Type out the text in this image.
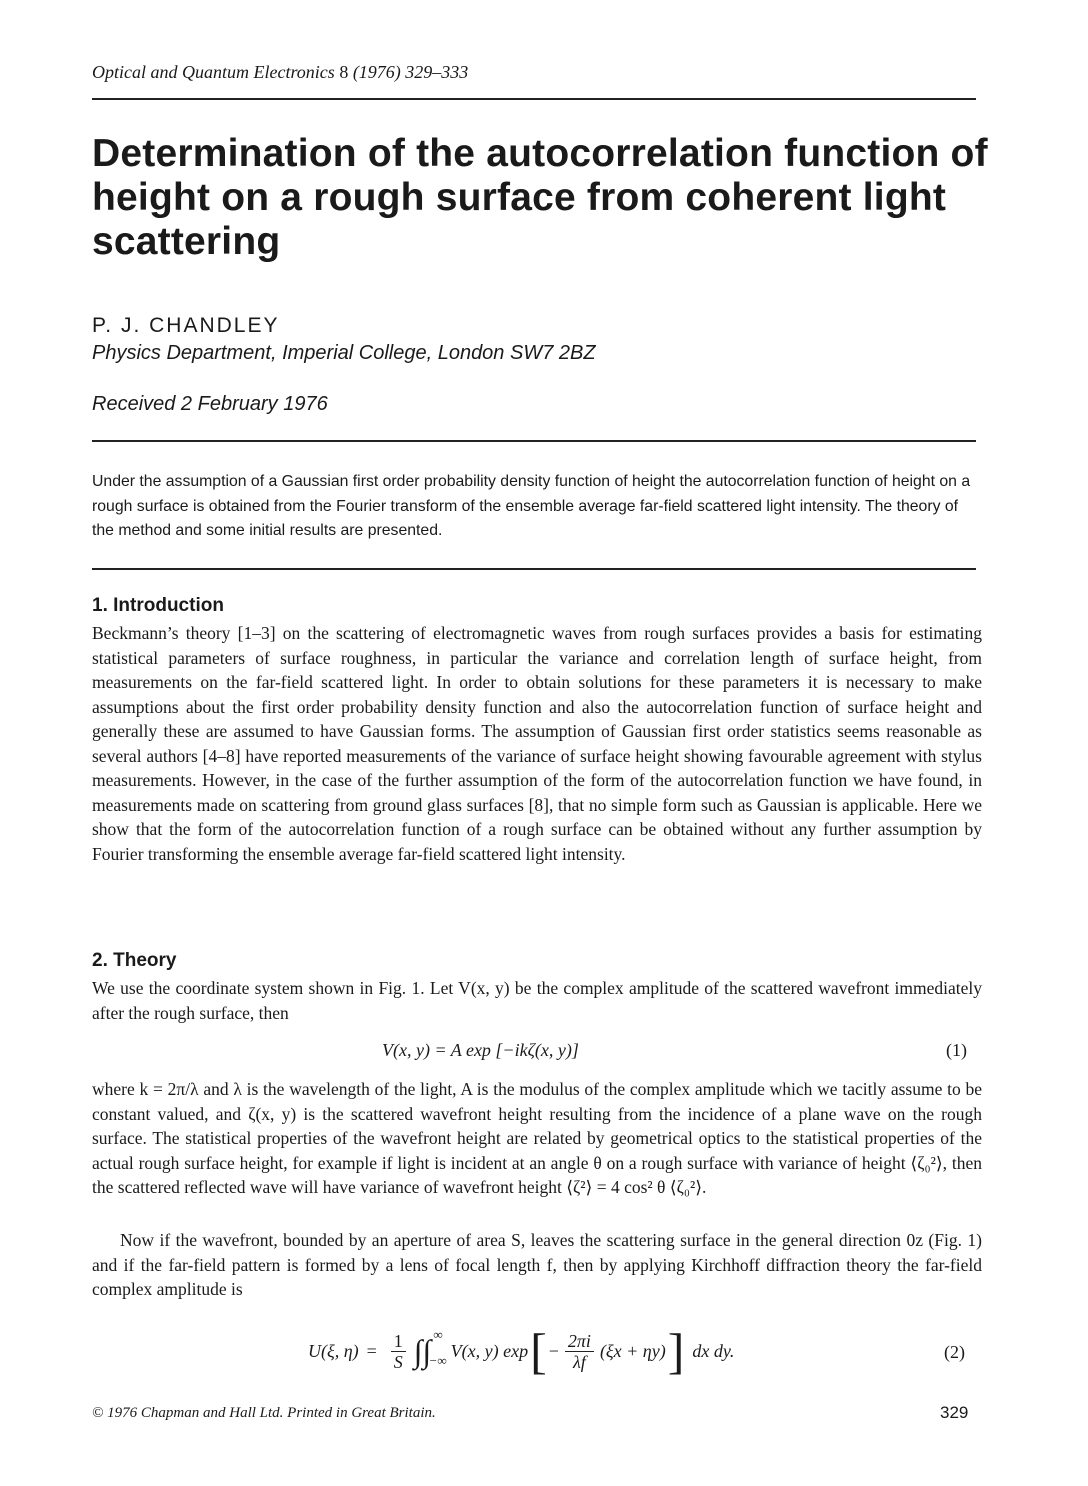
Optical and Quantum Electronics 8 (1976) 329–333
Determination of the autocorrelation function of height on a rough surface from coherent light scattering
P. J. CHANDLEY
Physics Department, Imperial College, London SW7 2BZ
Received 2 February 1976

Under the assumption of a Gaussian first order probability density function of height the autocorrelation function of height on a rough surface is obtained from the Fourier transform of the ensemble average far-field scattered light intensity. The theory of the method and some initial results are presented.

1. Introduction

Beckmann’s theory [1–3] on the scattering of electromagnetic waves from rough surfaces provides a basis for estimating statistical parameters of surface roughness, in particular the variance and correlation length of surface height, from measurements on the far-field scattered light. In order to obtain solutions for these parameters it is necessary to make assumptions about the first order probability density function and also the autocorrelation function of surface height and generally these are assumed to have Gaussian forms. The assumption of Gaussian first order statistics seems reasonable as several authors [4–8] have reported measurements of the variance of surface height showing favourable agreement with stylus measurements. However, in the case of the further assumption of the form of the autocorrelation function we have found, in measurements made on scattering from ground glass surfaces [8], that no simple form such as Gaussian is applicable. Here we show that the form of the autocorrelation function of a rough surface can be obtained without any further assumption by Fourier transforming the ensemble average far-field scattered light intensity.

2. Theory

We use the coordinate system shown in Fig. 1. Let V(x, y) be the complex amplitude of the scattered wavefront immediately after the rough surface, then

V(x, y) = A exp [−ikζ(x, y)]	(1)

where k = 2π/λ and λ is the wavelength of the light, A is the modulus of the complex amplitude which we tacitly assume to be constant valued, and ζ(x, y) is the scattered wavefront height resulting from the incidence of a plane wave on the rough surface. The statistical properties of the wavefront height are related by geometrical optics to the statistical properties of the actual rough surface height, for example if light is incident at an angle θ on a rough surface with variance of height ⟨ζ₀²⟩, then the scattered reflected wave will have variance of wavefront height ⟨ζ²⟩ = 4 cos² θ ⟨ζ₀²⟩.

Now if the wavefront, bounded by an aperture of area S, leaves the scattering surface in the general direction 0z (Fig. 1) and if the far-field pattern is formed by a lens of focal length f, then by applying Kirchhoff diffraction theory the far-field complex amplitude is

U(ξ, $\eta) = \frac{1}{S}$ ∫∫ ∞
−∞ V(x, y) exp [ − $\frac{2\pi i}{\lambda f} (\xi x + \eta y)$ ] dx dy.	(2)
© 1976 Chapman and Hall Ltd. Printed in Great Britain.	329
